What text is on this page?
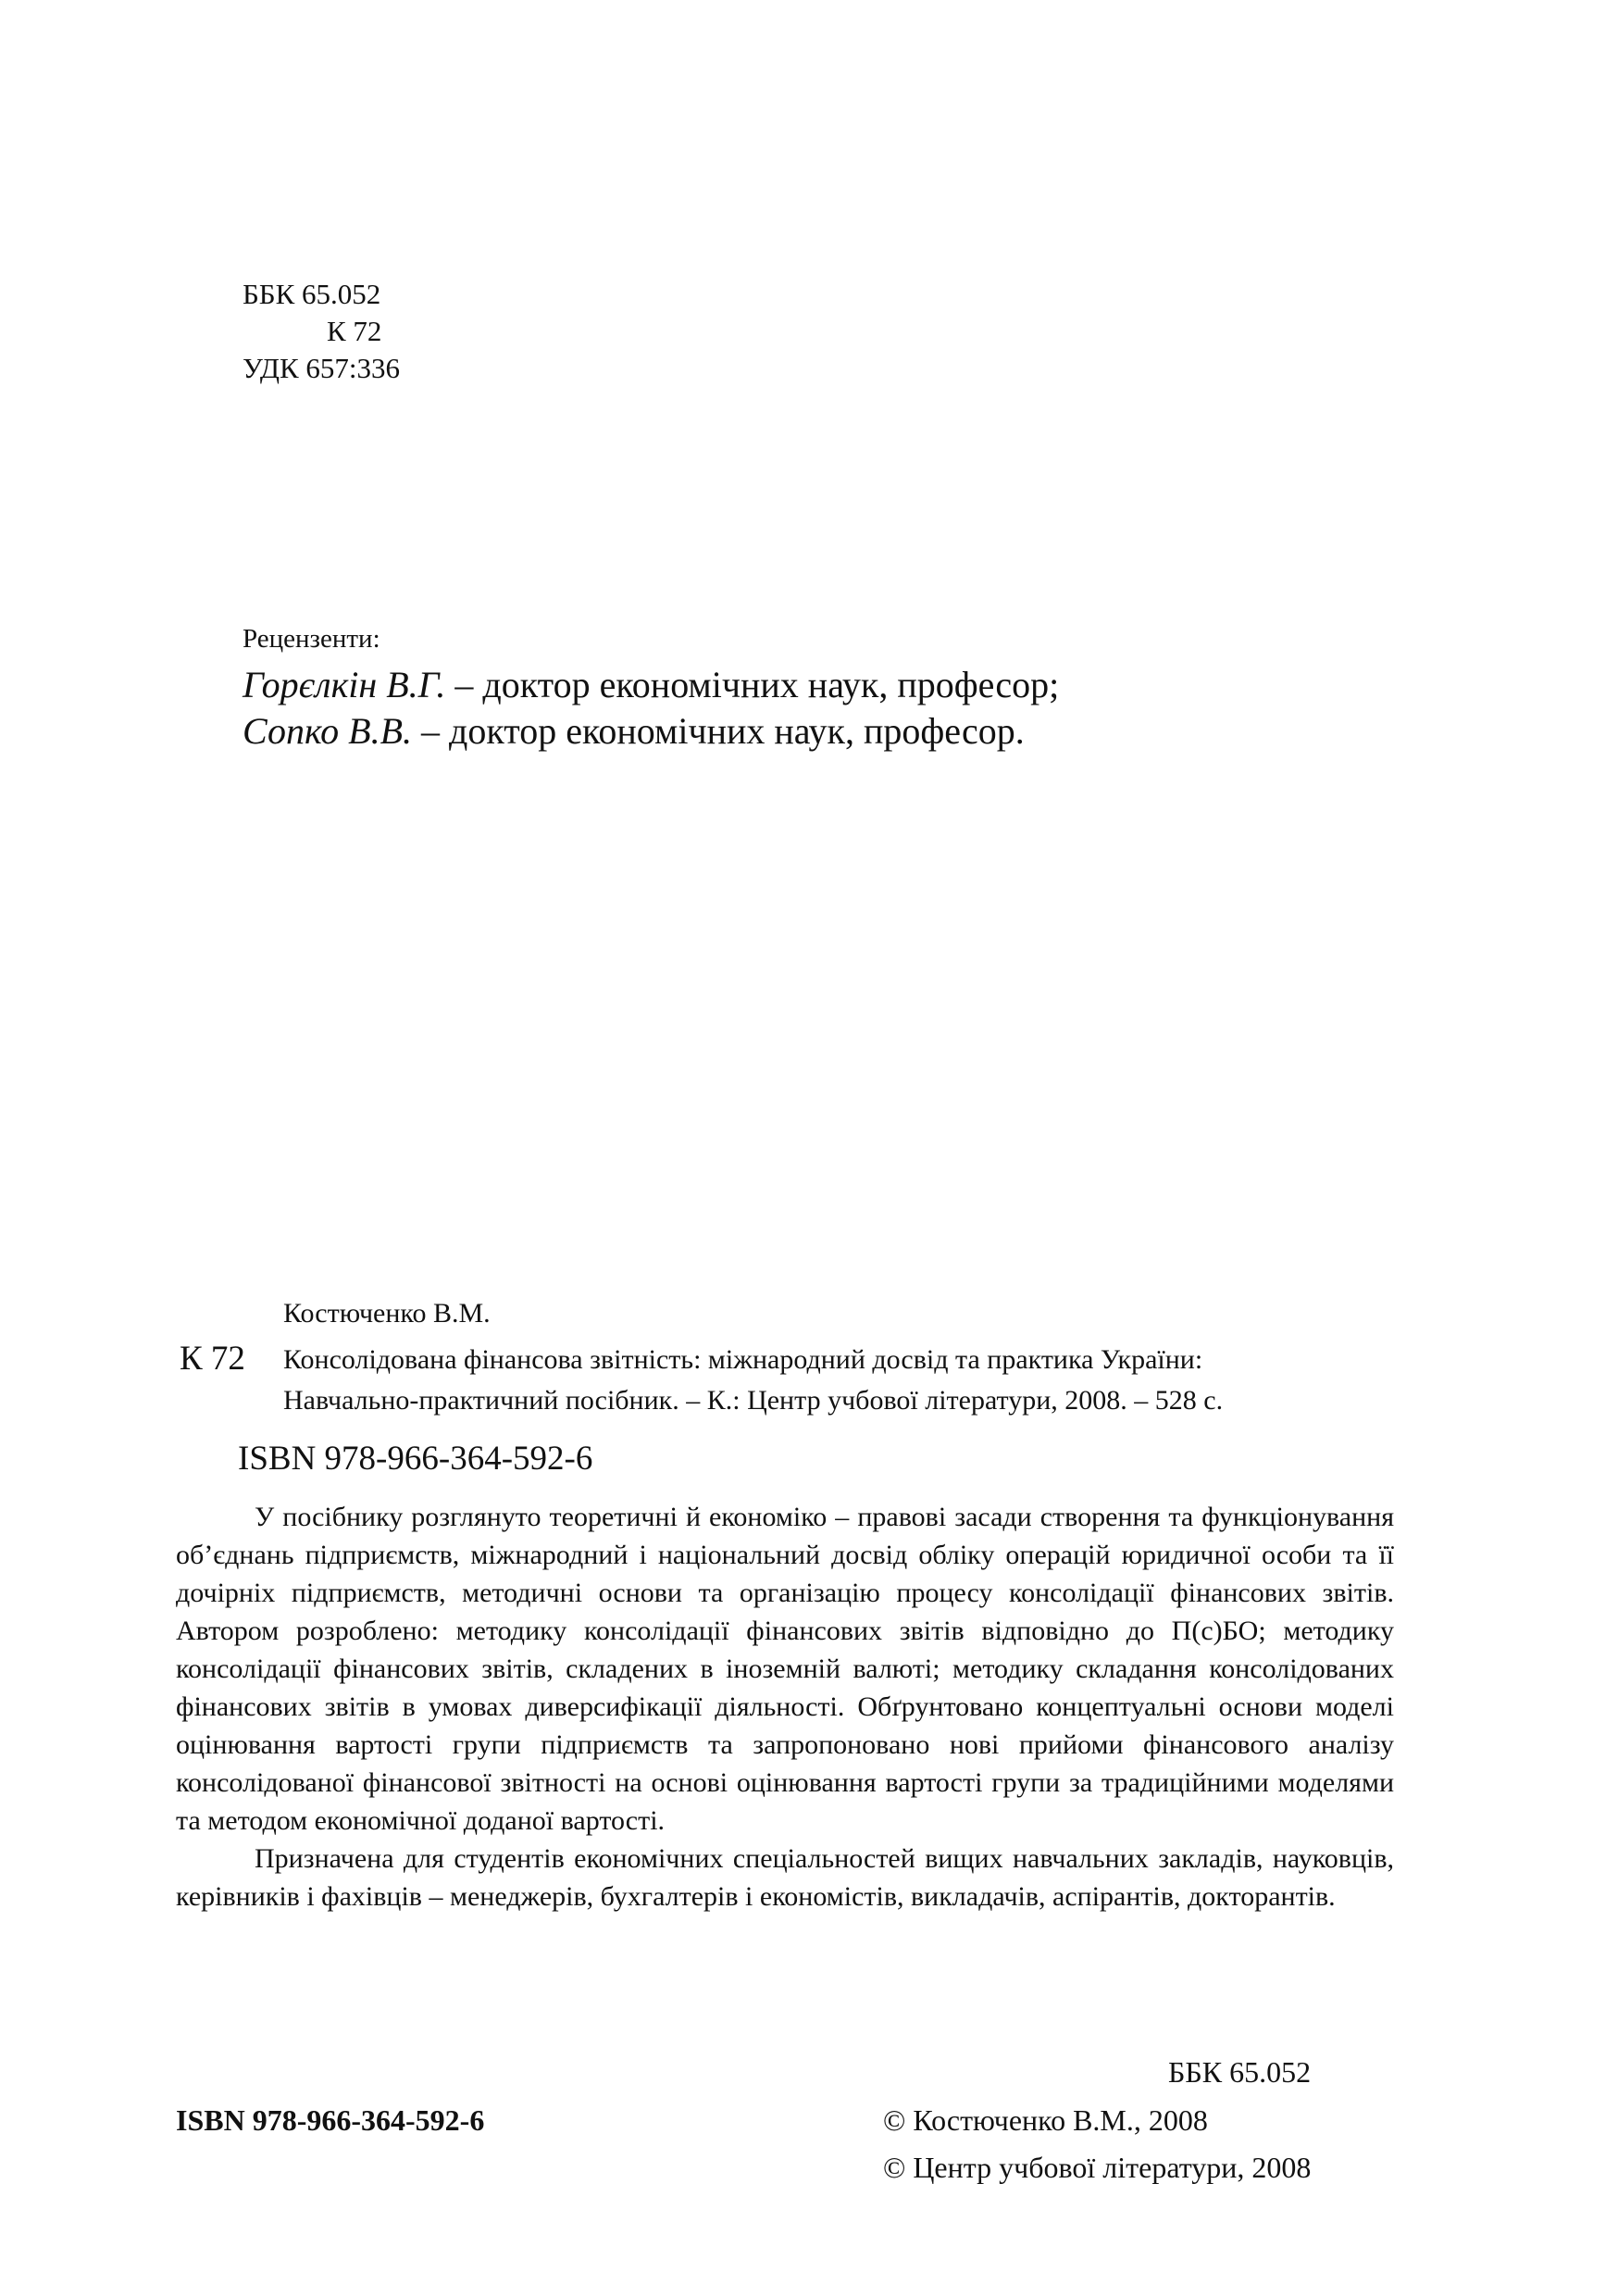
ББК 65.052
К 72
УДК 657:336
Рецензенти:
Горєлкін В.Г. – доктор економічних наук, професор;
Сопко В.В. – доктор економічних наук, професор.
Костюченко В.М.
К 72 Консолідована фінансова звітність: міжнародний досвід та практика України:
Навчально-практичний посібник. – К.: Центр учбової літератури, 2008. – 528 с.
ISBN 978-966-364-592-6

У посібнику розглянуто теоретичні й економіко – правові засади створення та функціонування об’єднань підприємств, міжнародний і національний досвід обліку операцій юридичної особи та її дочірніх підприємств, методичні основи та організацію процесу консолідації фінансових звітів. Автором розроблено: методику консолідації фінансових звітів відповідно до П(с)БО; методику консолідації фінансових звітів, складених в іноземній валюті; методику складання консолідованих фінансових звітів в умовах диверсифікації діяльності. Обґрунтовано концептуальні основи моделі оцінювання вартості групи підприємств та запропоновано нові прийоми фінансового аналізу консолідованої фінансової звітності на основі оцінювання вартості групи за традиційними моделями та методом економічної доданої вартості.

Призначена для студентів економічних спеціальностей вищих навчальних закладів, науковців, керівників і фахівців – менеджерів, бухгалтерів і економістів, викладачів, аспірантів, докторантів.

ББК 65.052
ISBN 978-966-364-592-6	© Костюченко В.М., 2008
© Центр учбової літератури, 2008
